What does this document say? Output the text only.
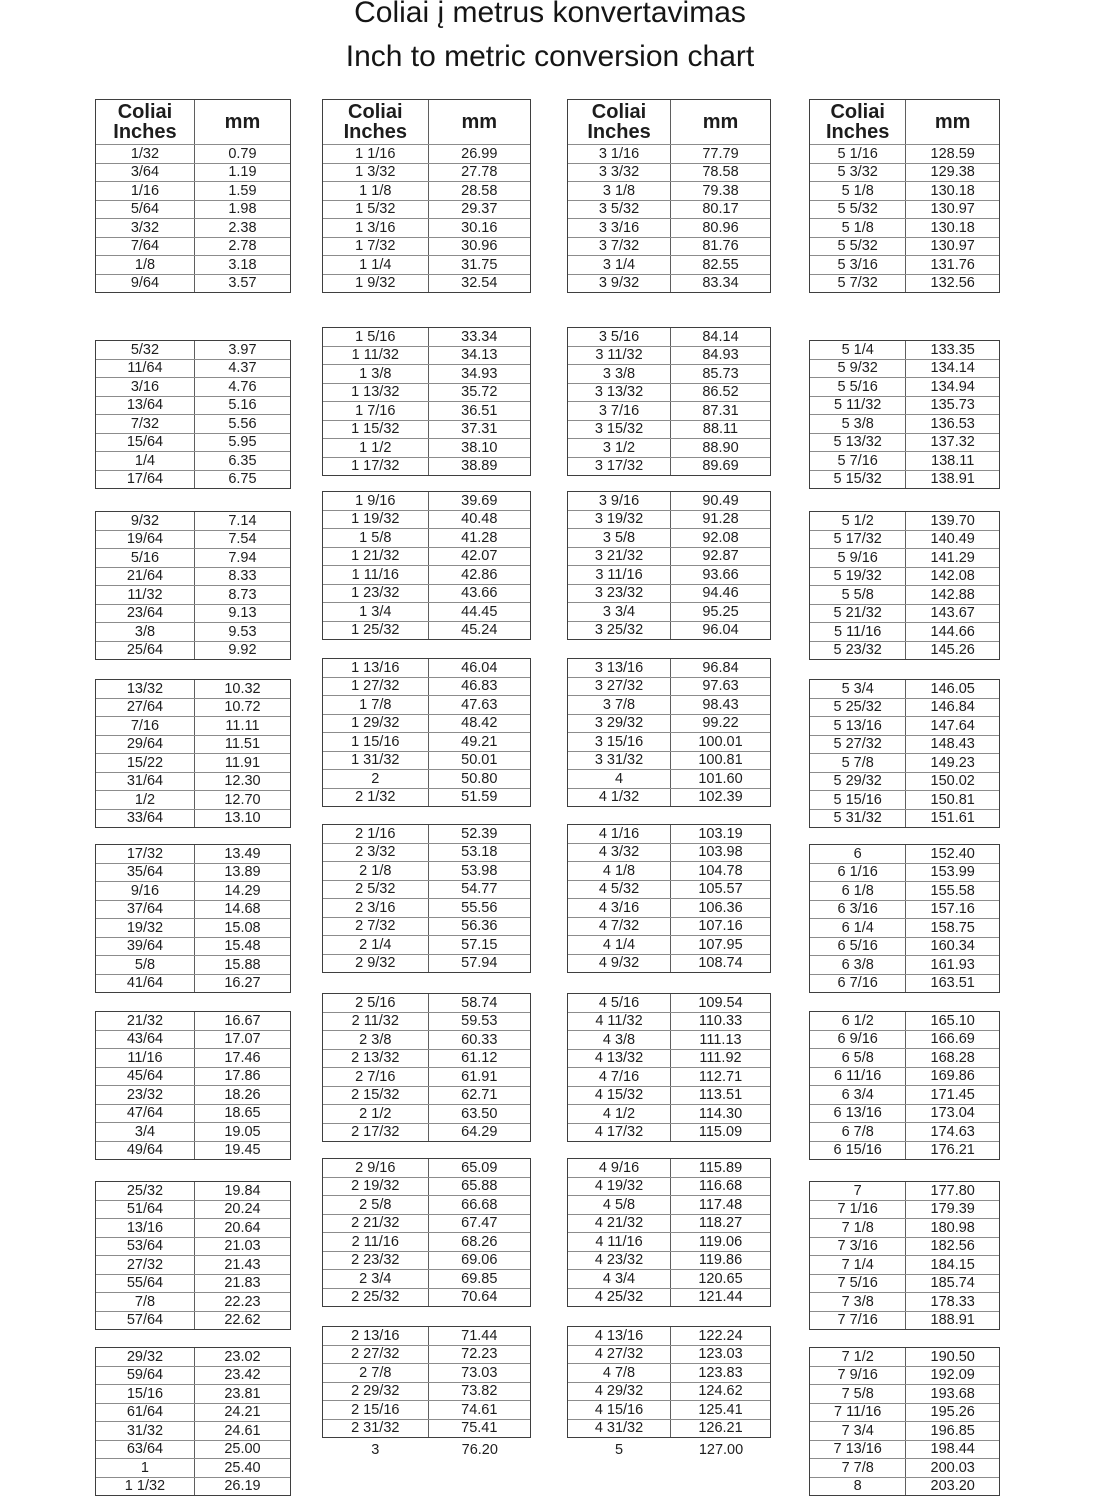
Coliai į metrus konvertavimas
Inch to metric conversion chart
Coliai
Inches	mm
1/32	0.79
3/64	1.19
1/16	1.59
5/64	1.98
3/32	2.38
7/64	2.78
1/8	3.18
9/64	3.57
5/32	3.97
11/64	4.37
3/16	4.76
13/64	5.16
7/32	5.56
15/64	5.95
1/4	6.35
17/64	6.75
9/32	7.14
19/64	7.54
5/16	7.94
21/64	8.33
11/32	8.73
23/64	9.13
3/8	9.53
25/64	9.92
13/32	10.32
27/64	10.72
7/16	11.11
29/64	11.51
15/22	11.91
31/64	12.30
1/2	12.70
33/64	13.10
17/32	13.49
35/64	13.89
9/16	14.29
37/64	14.68
19/32	15.08
39/64	15.48
5/8	15.88
41/64	16.27
21/32	16.67
43/64	17.07
11/16	17.46
45/64	17.86
23/32	18.26
47/64	18.65
3/4	19.05
49/64	19.45
25/32	19.84
51/64	20.24
13/16	20.64
53/64	21.03
27/32	21.43
55/64	21.83
7/8	22.23
57/64	22.62
29/32	23.02
59/64	23.42
15/16	23.81
61/64	24.21
31/32	24.61
63/64	25.00
1	25.40
1 1/32	26.19
Coliai
Inches	mm
1 1/16	26.99
1 3/32	27.78
1 1/8	28.58
1 5/32	29.37
1 3/16	30.16
1 7/32	30.96
1 1/4	31.75
1 9/32	32.54
1 5/16	33.34
1 11/32	34.13
1 3/8	34.93
1 13/32	35.72
1 7/16	36.51
1 15/32	37.31
1 1/2	38.10
1 17/32	38.89
1 9/16	39.69
1 19/32	40.48
1 5/8	41.28
1 21/32	42.07
1 11/16	42.86
1 23/32	43.66
1 3/4	44.45
1 25/32	45.24
1 13/16	46.04
1 27/32	46.83
1 7/8	47.63
1 29/32	48.42
1 15/16	49.21
1 31/32	50.01
2	50.80
2 1/32	51.59
2 1/16	52.39
2 3/32	53.18
2 1/8	53.98
2 5/32	54.77
2 3/16	55.56
2 7/32	56.36
2 1/4	57.15
2 9/32	57.94
2 5/16	58.74
2 11/32	59.53
2 3/8	60.33
2 13/32	61.12
2 7/16	61.91
2 15/32	62.71
2 1/2	63.50
2 17/32	64.29
2 9/16	65.09
2 19/32	65.88
2 5/8	66.68
2 21/32	67.47
2 11/16	68.26
2 23/32	69.06
2 3/4	69.85
2 25/32	70.64
2 13/16	71.44
2 27/32	72.23
2 7/8	73.03
2 29/32	73.82
2 15/16	74.61
2 31/32	75.41
3	76.20
Coliai
Inches	mm
3 1/16	77.79
3 3/32	78.58
3 1/8	79.38
3 5/32	80.17
3 3/16	80.96
3 7/32	81.76
3 1/4	82.55
3 9/32	83.34
3 5/16	84.14
3 11/32	84.93
3 3/8	85.73
3 13/32	86.52
3 7/16	87.31
3 15/32	88.11
3 1/2	88.90
3 17/32	89.69
3 9/16	90.49
3 19/32	91.28
3 5/8	92.08
3 21/32	92.87
3 11/16	93.66
3 23/32	94.46
3 3/4	95.25
3 25/32	96.04
3 13/16	96.84
3 27/32	97.63
3 7/8	98.43
3 29/32	99.22
3 15/16	100.01
3 31/32	100.81
4	101.60
4 1/32	102.39
4 1/16	103.19
4 3/32	103.98
4 1/8	104.78
4 5/32	105.57
4 3/16	106.36
4 7/32	107.16
4 1/4	107.95
4 9/32	108.74
4 5/16	109.54
4 11/32	110.33
4 3/8	111.13
4 13/32	111.92
4 7/16	112.71
4 15/32	113.51
4 1/2	114.30
4 17/32	115.09
4 9/16	115.89
4 19/32	116.68
4 5/8	117.48
4 21/32	118.27
4 11/16	119.06
4 23/32	119.86
4 3/4	120.65
4 25/32	121.44
4 13/16	122.24
4 27/32	123.03
4 7/8	123.83
4 29/32	124.62
4 15/16	125.41
4 31/32	126.21
5	127.00
Coliai
Inches	mm
5 1/16	128.59
5 3/32	129.38
5 1/8	130.18
5 5/32	130.97
5 1/8	130.18
5 5/32	130.97
5 3/16	131.76
5 7/32	132.56
5 1/4	133.35
5 9/32	134.14
5 5/16	134.94
5 11/32	135.73
5 3/8	136.53
5 13/32	137.32
5 7/16	138.11
5 15/32	138.91
5 1/2	139.70
5 17/32	140.49
5 9/16	141.29
5 19/32	142.08
5 5/8	142.88
5 21/32	143.67
5 11/16	144.66
5 23/32	145.26
5 3/4	146.05
5 25/32	146.84
5 13/16	147.64
5 27/32	148.43
5 7/8	149.23
5 29/32	150.02
5 15/16	150.81
5 31/32	151.61
6	152.40
6 1/16	153.99
6 1/8	155.58
6 3/16	157.16
6 1/4	158.75
6 5/16	160.34
6 3/8	161.93
6 7/16	163.51
6 1/2	165.10
6 9/16	166.69
6 5/8	168.28
6 11/16	169.86
6 3/4	171.45
6 13/16	173.04
6 7/8	174.63
6 15/16	176.21
7	177.80
7 1/16	179.39
7 1/8	180.98
7 3/16	182.56
7 1/4	184.15
7 5/16	185.74
7 3/8	178.33
7 7/16	188.91
7 1/2	190.50
7 9/16	192.09
7 5/8	193.68
7 11/16	195.26
7 3/4	196.85
7 13/16	198.44
7 7/8	200.03
8	203.20
